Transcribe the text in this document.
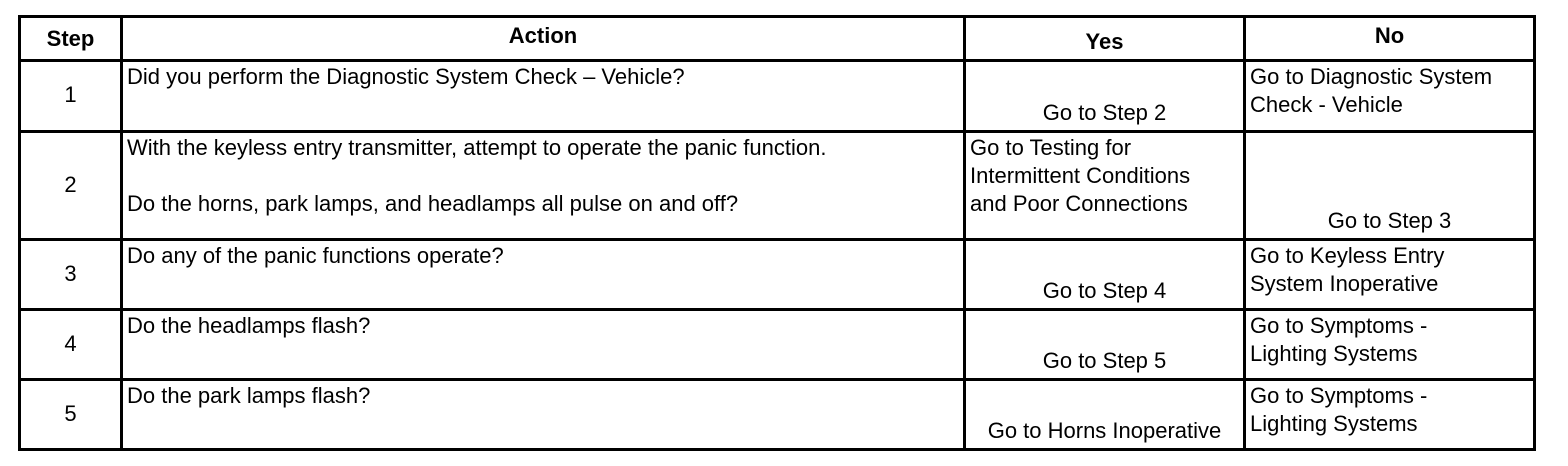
Step	Action	Yes	No
1	Did you perform the Diagnostic System Check – Vehicle?	Go to Step 2	Go to Diagnostic System
Check - Vehicle
2	With the keyless entry transmitter, attempt to operate the panic function.
Do the horns, park lamps, and headlamps all pulse on and off?	Go to Testing for
Intermittent Conditions
and Poor Connections	Go to Step 3
3	Do any of the panic functions operate?	Go to Step 4	Go to Keyless Entry
System Inoperative
4	Do the headlamps flash?	Go to Step 5	Go to Symptoms -
Lighting Systems
5	Do the park lamps flash?	Go to Horns Inoperative	Go to Symptoms -
Lighting Systems
